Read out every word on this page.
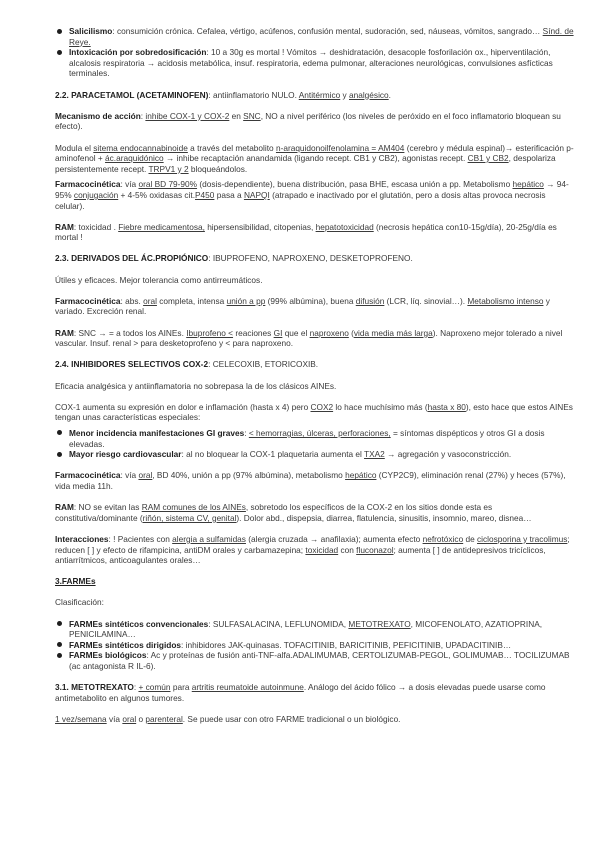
Salicilismo: consumición crónica. Cefalea, vértigo, acúfenos, confusión mental, sudoración, sed, náuseas, vómitos, sangrado… Sínd. de Reye.
Intoxicación por sobredosificación: 10 a 30g es mortal ! Vómitos → deshidratación, desacople fosforilación ox., hiperventilación, alcalosis respiratoria → acidosis metabólica, insuf. respiratoria, edema pulmonar, alteraciones neurológicas, convulsiones asfícticas terminales.

2.2. PARACETAMOL (ACETAMINOFEN): antiinflamatorio NULO. Antitérmico y analgésico.

Mecanismo de acción: inhibe COX-1 y COX-2 en SNC, NO a nivel periférico (los niveles de peróxido en el foco inflamatorio bloquean su efecto).

Modula el sitema endocannabinoide a través del metabolito n-araquidonoilfenolamina = AM404 (cerebro y médula espinal)→ esterificación p-aminofenol + ác.araquidónico → inhibe recaptación anandamida (ligando recept. CB1 y CB2), agonistas recept. CB1 y CB2, despolariza persistentemente recept. TRPV1 y 2 bloqueándolos.

Farmacocinética: vía oral BD 79-90% (dosis-dependiente), buena distribución, pasa BHE, escasa unión a pp. Metabolismo hepático → 94-95% conjugación + 4-5% oxidasas cit.P450 pasa a NAPQI (atrapado e inactivado por el glutatión, pero a dosis altas provoca necrosis celular).

RAM: toxicidad . Fiebre medicamentosa, hipersensibilidad, citopenias, hepatotoxicidad (necrosis hepática con10-15g/día), 20-25g/día es mortal !

2.3. DERIVADOS DEL ÁC.PROPIÓNICO: IBUPROFENO, NAPROXENO, DESKETOPROFENO.

Útiles y eficaces. Mejor tolerancia como antirreumáticos.

Farmacocinética: abs. oral completa, intensa unión a pp (99% albúmina), buena difusión (LCR, líq. sinovial…). Metabolismo intenso y variado. Excreción renal.

RAM: SNC → = a todos los AINEs. Ibuprofeno < reaciones GI que el naproxeno (vida media más larga). Naproxeno mejor tolerado a nivel vascular. Insuf. renal > para desketoprofeno y < para naproxeno.

2.4. INHIBIDORES SELECTIVOS COX-2: CELECOXIB, ETORICOXIB.

Eficacia analgésica y antiinflamatoria no sobrepasa la de los clásicos AINEs.

COX-1 aumenta su expresión en dolor e inflamación (hasta x 4) pero COX2 lo hace muchísimo más (hasta x 80), esto hace que estos AINEs tengan unas características especiales:

Menor incidencia manifestaciones GI graves: < hemorragias, úlceras, perforaciones, = síntomas dispépticos y otros GI a dosis elevadas.
Mayor riesgo cardiovascular: al no bloquear la COX-1 plaquetaria aumenta el TXA2 → agregación y vasoconstricción.

Farmacocinética: vía oral, BD 40%, unión a pp (97% albúmina), metabolismo hepático (CYP2C9), eliminación renal (27%) y heces (57%), vida media 11h.

RAM: NO se evitan las RAM comunes de los AINEs, sobretodo los específicos de la COX-2 en los sitios donde esta es constitutiva/dominante (riñón, sistema CV, genital). Dolor abd., dispepsia, diarrea, flatulencia, sinusitis, insomnio, mareo, disnea…

Interacciones: ! Pacientes con alergia a sulfamidas (alergia cruzada → anafilaxia); aumenta efecto nefrotóxico de ciclosporina y tracolimus; reducen [ ] y efecto de rifampicina, antiDM orales y carbamazepina; toxicidad con fluconazol; aumenta [ ] de antidepresivos tricíclicos, antiarrítmicos, anticoagulantes orales…

3.FARMEs

Clasificación:

FARMEs sintéticos convencionales: SULFASALACINA, LEFLUNOMIDA, METOTREXATO, MICOFENOLATO, AZATIOPRINA, PENICILAMINA…
FARMEs sintéticos dirigidos: inhibidores JAK-quinasas. TOFACITINIB, BARICITINIB, PEFICITINIB, UPADACITINIB…
FARMEs biológicos: Ac y proteínas de fusión anti-TNF-alfa.ADALIMUMAB, CERTOLIZUMAB-PEGOL, GOLIMUMAB… TOCILIZUMAB (ac antagonista R IL-6).

3.1. METOTREXATO: + común para artritis reumatoide autoinmune. Análogo del ácido fólico → a dosis elevadas puede usarse como antimetabolito en algunos tumores.

1 vez/semana vía oral o parenteral. Se puede usar con otro FARME tradicional o un biológico.
